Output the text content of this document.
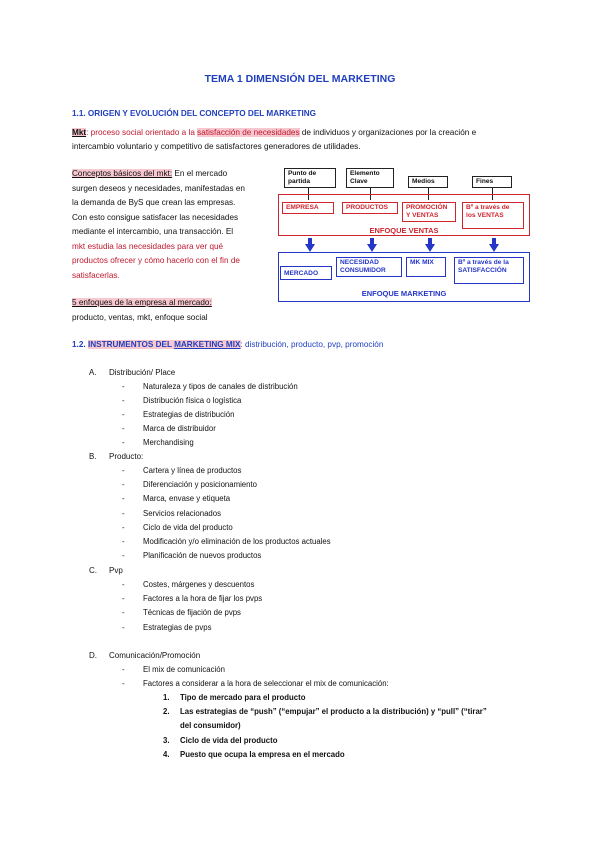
TEMA 1 DIMENSIÓN DEL MARKETING
1.1. ORIGEN Y EVOLUCIÓN DEL CONCEPTO DEL MARKETING
Mkt: proceso social orientado a la satisfacción de necesidades de individuos y organizaciones por la creación e
intercambio voluntario y competitivo de satisfactores generadores de utilidades.
Conceptos básicos del mkt: En el mercado
surgen deseos y necesidades, manifestadas en
la demanda de ByS que crean las empresas.
Con esto consigue satisfacer las necesidades
mediante el intercambio, una transacción. El
mkt estudia las necesidades para ver qué
productos ofrecer y cómo hacerlo con el fin de
satisfacerlas.
5 enfoques de la empresa al mercado:
producto, ventas, mkt, enfoque social
Punto de partida
Elemento Clave	Medios	Fines
EMPRESA	PRODUCTOS	PROMOCIÓN Y VENTAS
Bº a través de los VENTAS
ENFOQUE VENTAS
MERCADO
NECESIDAD CONSUMIDOR
MK MIX	Bº a través de la SATISFACCIÓN
ENFOQUE MARKETING
1.2. INSTRUMENTOS DEL MARKETING MIX: distribución, producto, pvp, promoción
A. Distribución/ Place
- Naturaleza y tipos de canales de distribución
- Distribución física o logística
- Estrategias de distribución
- Marca de distribuidor
- Merchandising
B. Producto:
- Cartera y línea de productos
- Diferenciación y posicionamiento
- Marca, envase y etiqueta
- Servicios relacionados
- Ciclo de vida del producto
- Modificación y/o eliminación de los productos actuales
- Planificación de nuevos productos
C. Pvp
- Costes, márgenes y descuentos
- Factores a la hora de fijar los pvps
- Técnicas de fijación de pvps
- Estrategias de pvps
D. Comunicación/Promoción
- El mix de comunicación
- Factores a considerar a la hora de seleccionar el mix de comunicación:
1. Tipo de mercado para el producto
2. Las estrategias de “push” (“empujar” el producto a la distribución) y “pull” (“tirar”
del consumidor)
3. Ciclo de vida del producto
4. Puesto que ocupa la empresa en el mercado
